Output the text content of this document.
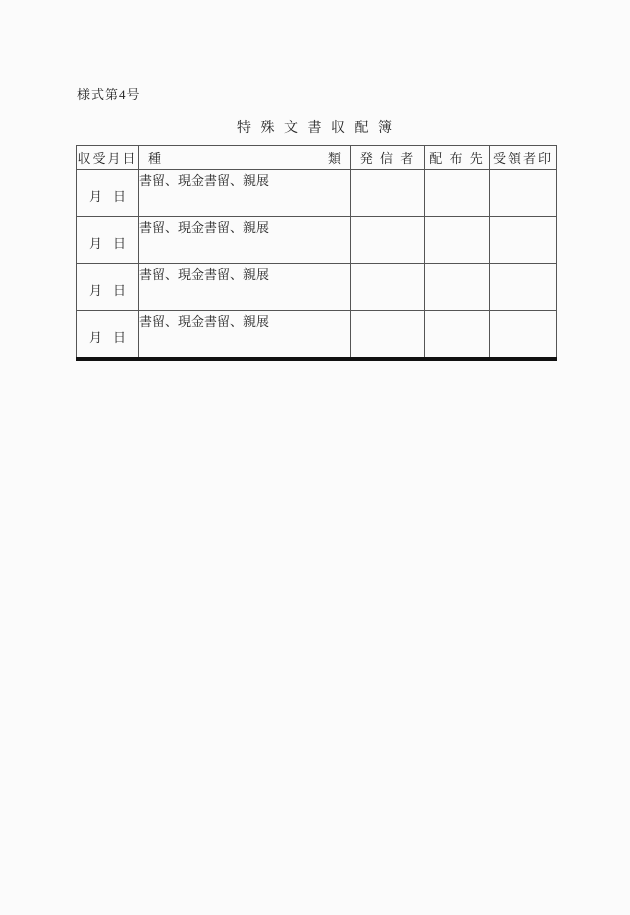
様式第4号
特 殊 文 書 収 配 簿
収受月日	種 類	発 信 者	配 布 先	受領者印

月 日	書留、現金書留、親展			

月 日	書留、現金書留、親展			

月 日	書留、現金書留、親展			

月 日	書留、現金書留、親展			
